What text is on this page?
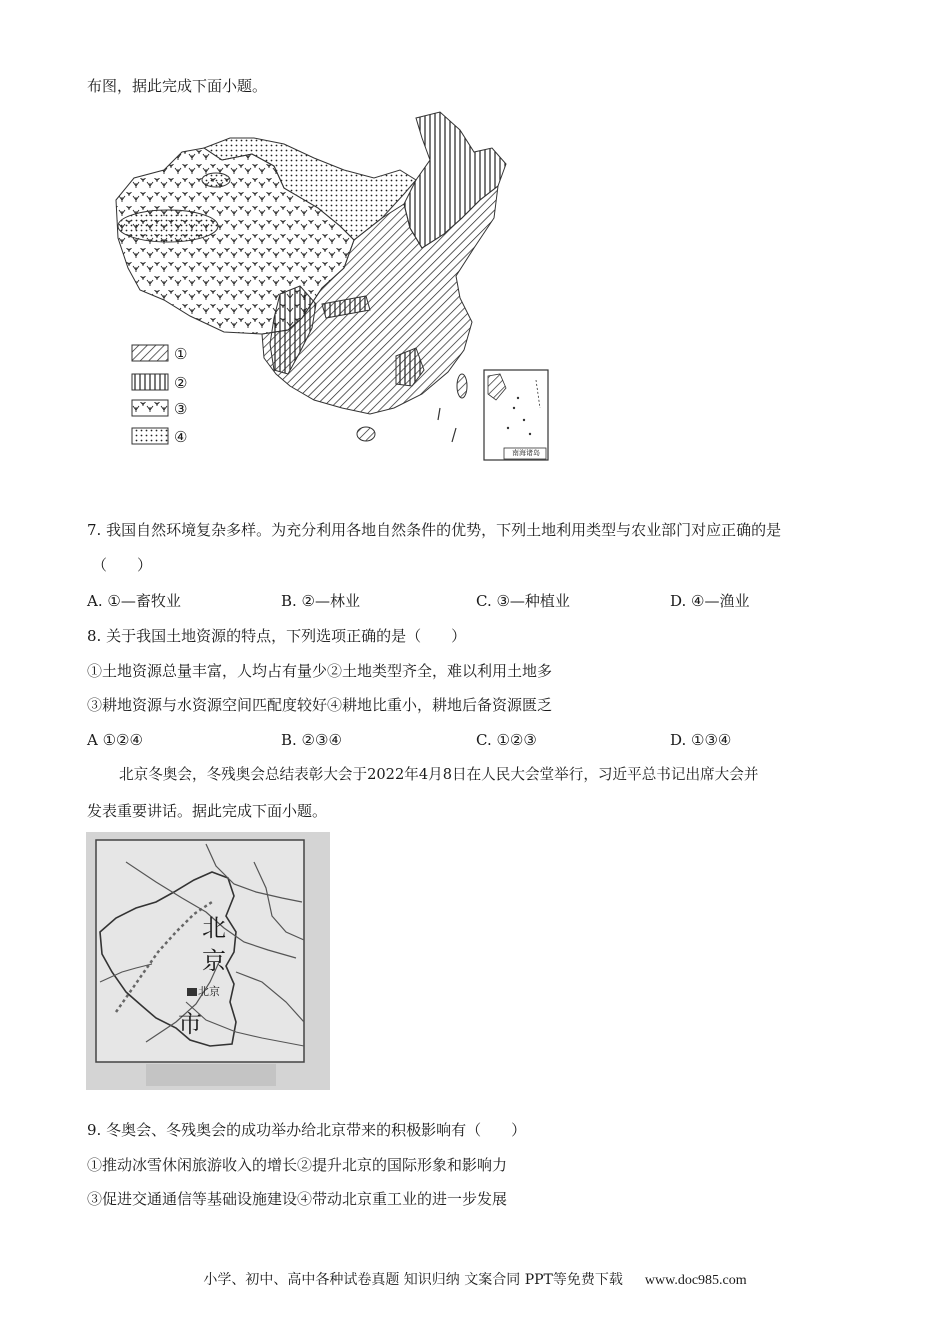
布图，据此完成下面小题。
①
②
③
④
南海诸岛
7. 我国自然环境复杂多样。为充分利用各地自然条件的优势，下列土地利用类型与农业部门对应正确的是
（　　）
A. ①—畜牧业	B. ②—林业	C. ③—种植业	D. ④—渔业
8. 关于我国土地资源的特点，下列选项正确的是（　　）
①土地资源总量丰富，人均占有量少②土地类型齐全，难以利用土地多
③耕地资源与水资源空间匹配度较好④耕地比重小，耕地后备资源匮乏
A ①②④	B. ②③④	C. ①②③	D. ①③④
北京冬奥会，冬残奥会总结表彰大会于2022年4月8日在人民大会堂举行，习近平总书记出席大会并
发表重要讲话。据此完成下面小题。
北
京
市
北京
9. 冬奥会、冬残奥会的成功举办给北京带来的积极影响有（　　）
①推动冰雪休闲旅游收入的增长②提升北京的国际形象和影响力
③促进交通通信等基础设施建设④带动北京重工业的进一步发展
小学、初中、高中各种试卷真题 知识归纳 文案合同 PPT等免费下载 www.doc985.com
